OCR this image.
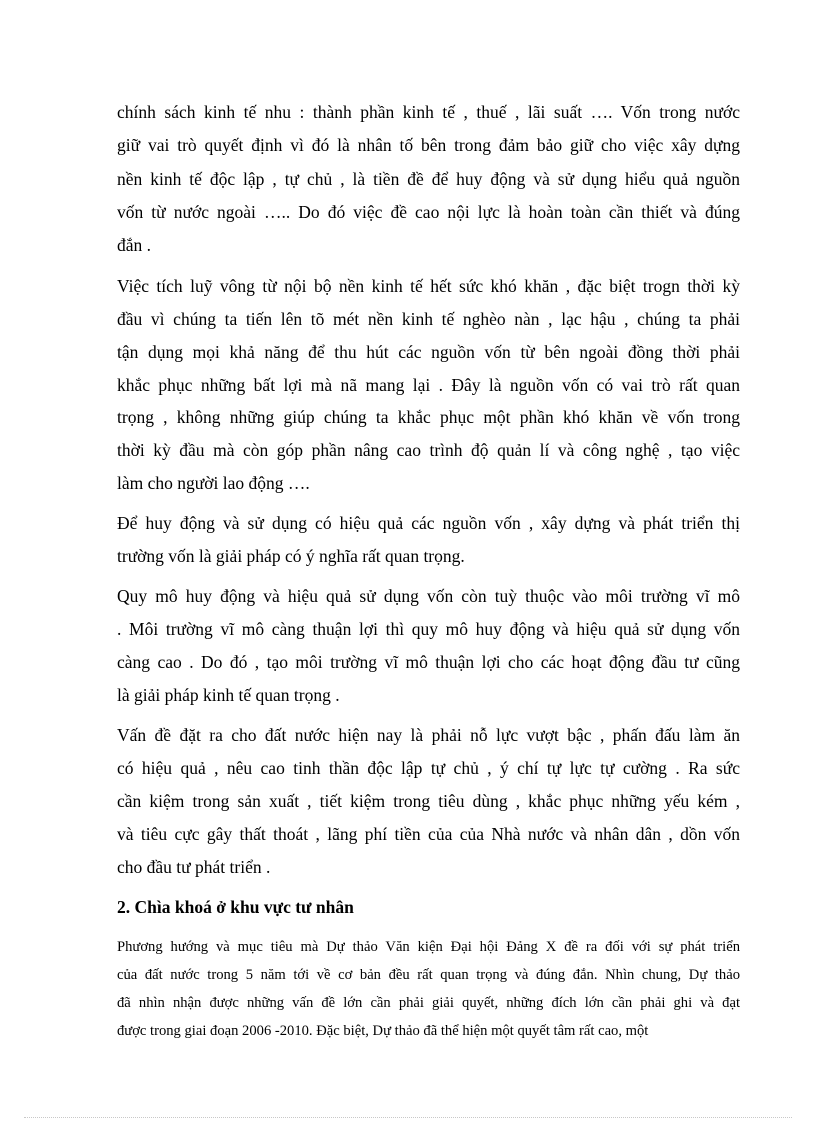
chính sách kinh tế nhu : thành phần kinh tế , thuế , lãi suất …. Vốn trong nước
giữ vai trò quyết định vì đó là nhân tố bên trong đảm bảo giữ cho việc xây dựng
nền kinh tế độc lập , tự chủ , là tiền đề để huy động và sử dụng hiểu quả nguồn
vốn từ nước ngoài ….. Do đó việc đề cao nội lực là hoàn toàn cần thiết và đúng
đắn .
Việc tích luỹ vông từ nội bộ nền kinh tế hết sức khó khăn , đặc biệt trogn thời kỳ
đầu vì chúng ta tiến lên tõ mét nền kinh tế nghèo nàn , lạc hậu , chúng ta phải
tận dụng mọi khả năng để thu hút các nguồn vốn từ bên ngoài đồng thời phải
khắc phục những bất lợi mà nã mang lại . Đây là nguồn vốn có vai trò rất quan
trọng , không những giúp chúng ta khắc phục một phần khó khăn về vốn trong
thời kỳ đầu mà còn góp phần nâng cao trình độ quản lí và công nghệ , tạo việc
làm cho người lao động ….
Để huy động và sử dụng có hiệu quả các nguồn vốn , xây dựng và phát triển thị
trường vốn là giải pháp có ý nghĩa rất quan trọng.
Quy mô huy động và hiệu quả sử dụng vốn còn tuỳ thuộc vào môi trường vĩ mô
. Môi trường vĩ mô càng thuận lợi thì quy mô huy động và hiệu quả sử dụng vốn
càng cao . Do đó , tạo môi trường vĩ mô thuận lợi cho các hoạt động đầu tư cũng
là giải pháp kinh tế quan trọng .
Vấn đề đặt ra cho đất nước hiện nay là phải nỗ lực vượt bậc , phấn đấu làm ăn
có hiệu quả , nêu cao tinh thần độc lập tự chủ , ý chí tự lực tự cường . Ra sức
cần kiệm trong sản xuất , tiết kiệm trong tiêu dùng , khắc phục những yếu kém ,
và tiêu cực gây thất thoát , lãng phí tiền của của Nhà nước và nhân dân , dồn vốn
cho đầu tư phát triển .
2. Chìa khoá ở khu vực tư nhân
Phương hướng và mục tiêu mà Dự thảo Văn kiện Đại hội Đảng X đề ra đối với sự phát triển
của đất nước trong 5 năm tới về cơ bản đều rất quan trọng và đúng đắn. Nhìn chung, Dự thảo
đã nhìn nhận được những vấn đề lớn cần phải giải quyết, những đích lớn cần phải ghi và đạt
được trong giai đoạn 2006 -2010. Đặc biệt, Dự thảo đã thể hiện một quyết tâm rất cao, một
